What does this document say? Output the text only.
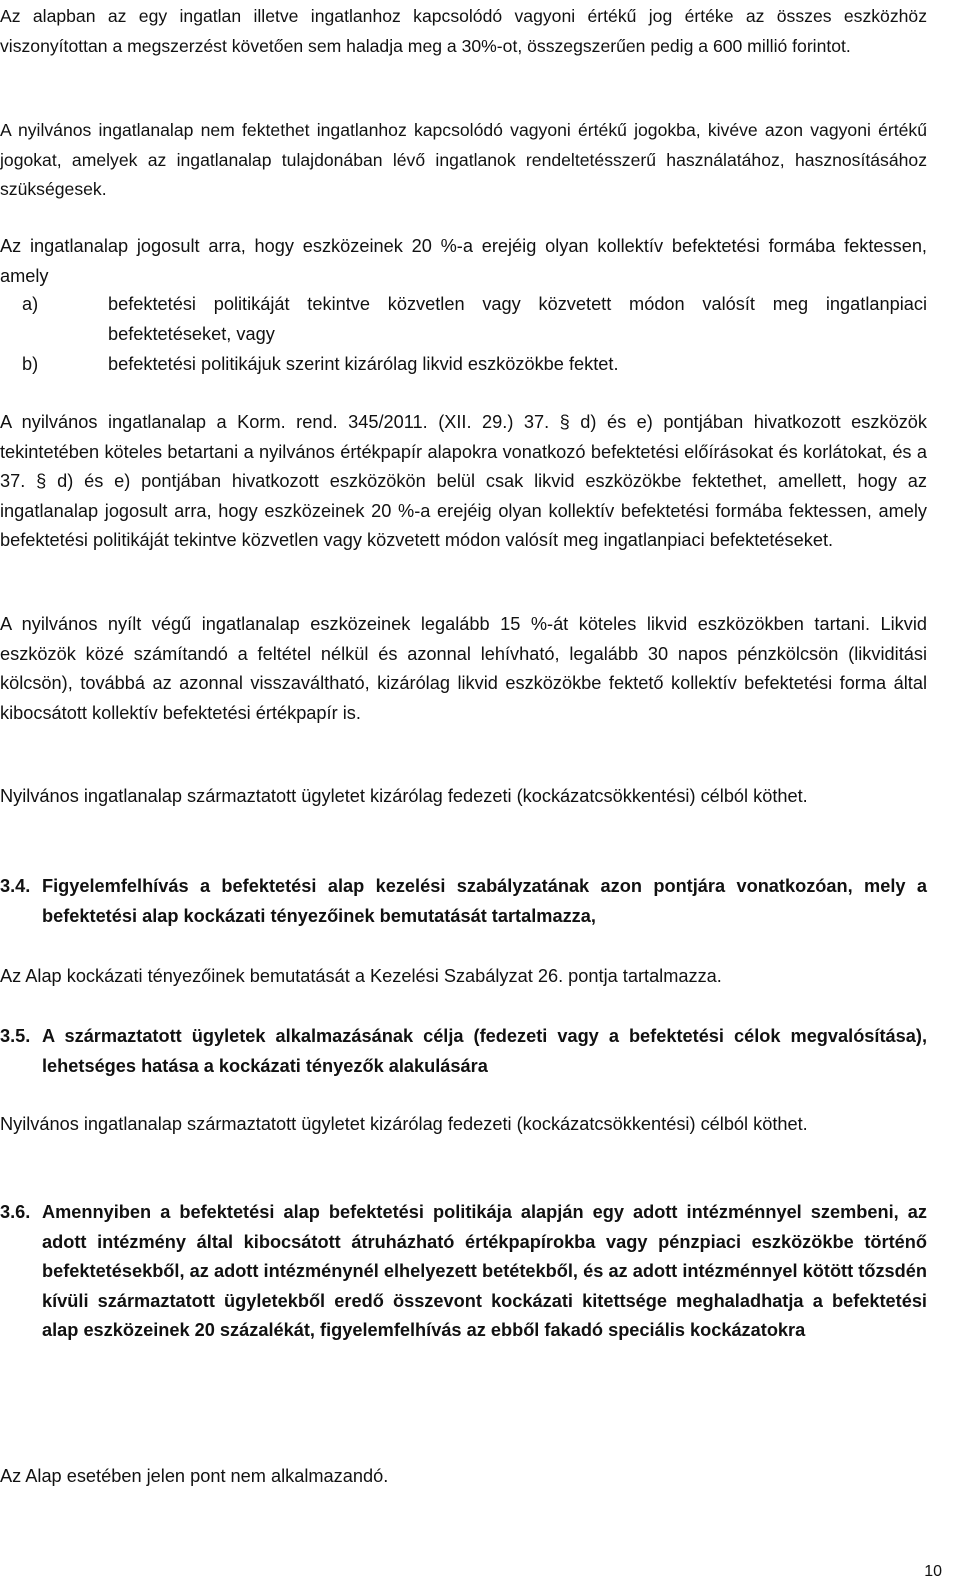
Az alapban az egy ingatlan illetve ingatlanhoz kapcsolódó vagyoni értékű jog értéke az összes eszközhöz viszonyítottan a megszerzést követően sem haladja meg a 30%-ot, összegszerűen pedig a 600 millió forintot.

A nyilvános ingatlanalap nem fektethet ingatlanhoz kapcsolódó vagyoni értékű jogokba, kivéve azon vagyoni értékű jogokat, amelyek az ingatlanalap tulajdonában lévő ingatlanok rendeltetésszerű használatához, hasznosításához szükségesek.

Az ingatlanalap jogosult arra, hogy eszközeinek 20 %-a erejéig olyan kollektív befektetési formába fektessen, amely

a)	befektetési politikáját tekintve közvetlen vagy közvetett módon valósít meg ingatlanpiaci befektetéseket, vagy
b)	befektetési politikájuk szerint kizárólag likvid eszközökbe fektet.

A nyilvános ingatlanalap a Korm. rend. 345/2011. (XII. 29.) 37. § d) és e) pontjában hivatkozott eszközök tekintetében köteles betartani a nyilvános értékpapír alapokra vonatkozó befektetési előírásokat és korlátokat, és a 37. § d) és e) pontjában hivatkozott eszközökön belül csak likvid eszközökbe fektethet, amellett, hogy az ingatlanalap jogosult arra, hogy eszközeinek 20 %-a erejéig olyan kollektív befektetési formába fektessen, amely befektetési politikáját tekintve közvetlen vagy közvetett módon valósít meg ingatlanpiaci befektetéseket.

A nyilvános nyílt végű ingatlanalap eszközeinek legalább 15 %-át köteles likvid eszközökben tartani. Likvid eszközök közé számítandó a feltétel nélkül és azonnal lehívható, legalább 30 napos pénzkölcsön (likviditási kölcsön), továbbá az azonnal visszaváltható, kizárólag likvid eszközökbe fektető kollektív befektetési forma által kibocsátott kollektív befektetési értékpapír is.

Nyilvános ingatlanalap származtatott ügyletet kizárólag fedezeti (kockázatcsökkentési) célból köthet.

3.4. Figyelemfelhívás a befektetési alap kezelési szabályzatának azon pontjára vonatkozóan, mely a befektetési alap kockázati tényezőinek bemutatását tartalmazza,

Az Alap kockázati tényezőinek bemutatását a Kezelési Szabályzat 26. pontja tartalmazza.

3.5. A származtatott ügyletek alkalmazásának célja (fedezeti vagy a befektetési célok megvalósítása), lehetséges hatása a kockázati tényezők alakulására

Nyilvános ingatlanalap származtatott ügyletet kizárólag fedezeti (kockázatcsökkentési) célból köthet.

3.6. Amennyiben a befektetési alap befektetési politikája alapján egy adott intézménnyel szembeni, az adott intézmény által kibocsátott átruházható értékpapírokba vagy pénzpiaci eszközökbe történő befektetésekből, az adott intézménynél elhelyezett betétekből, és az adott intézménnyel kötött tőzsdén kívüli származtatott ügyletekből eredő összevont kockázati kitettsége meghaladhatja a befektetési alap eszközeinek 20 százalékát, figyelemfelhívás az ebből fakadó speciális kockázatokra

Az Alap esetében jelen pont nem alkalmazandó.

10
